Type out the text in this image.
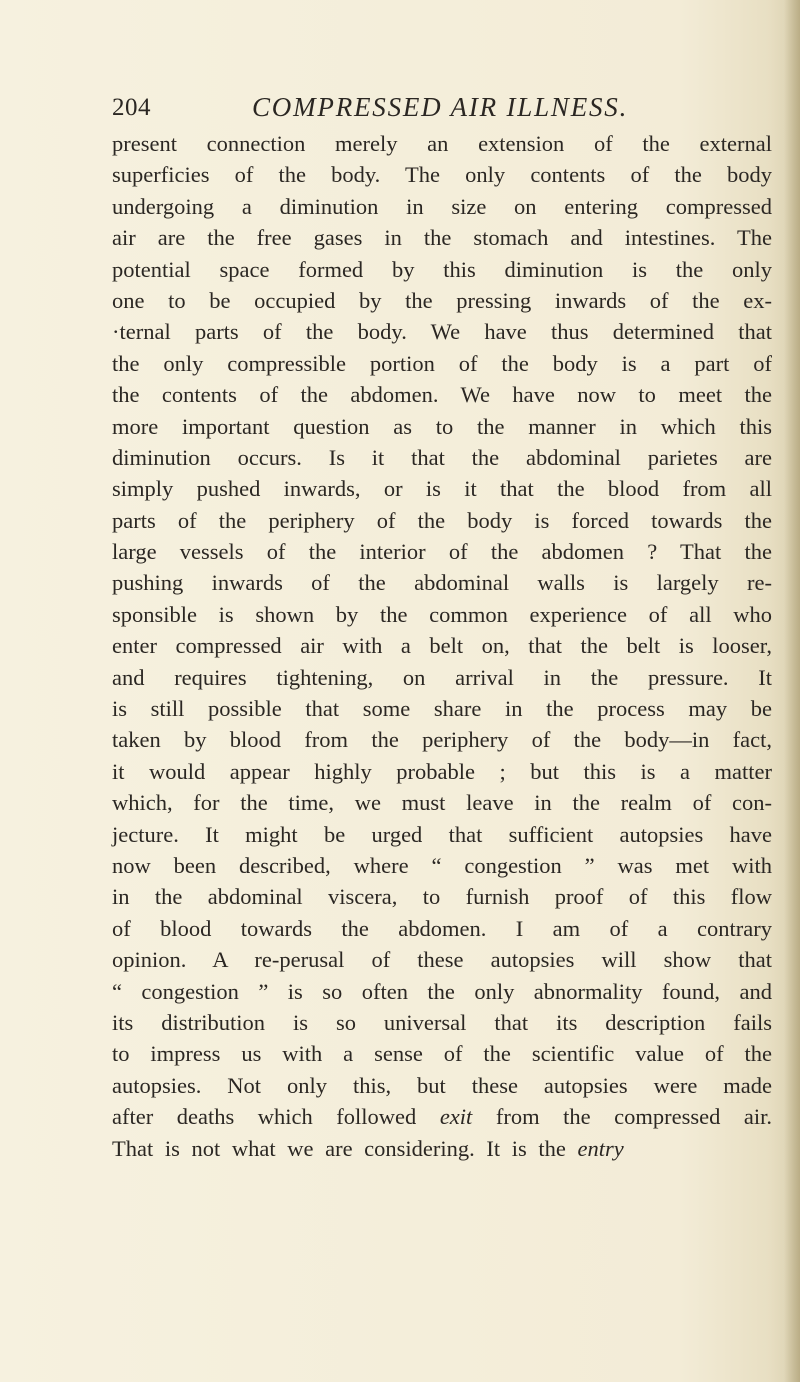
204	COMPRESSED AIR ILLNESS.
present connection merely an extension of the external
superficies of the body. The only contents of the body
undergoing a diminution in size on entering compressed
air are the free gases in the stomach and intestines. The
potential space formed by this diminution is the only
one to be occupied by the pressing inwards of the ex-
·ternal parts of the body. We have thus determined that
the only compressible portion of the body is a part of
the contents of the abdomen. We have now to meet the
more important question as to the manner in which this
diminution occurs. Is it that the abdominal parietes are
simply pushed inwards, or is it that the blood from all
parts of the periphery of the body is forced towards the
large vessels of the interior of the abdomen ? That the
pushing inwards of the abdominal walls is largely re-
sponsible is shown by the common experience of all who
enter compressed air with a belt on, that the belt is looser,
and requires tightening, on arrival in the pressure. It
is still possible that some share in the process may be
taken by blood from the periphery of the body—in fact,
it would appear highly probable ; but this is a matter
which, for the time, we must leave in the realm of con-
jecture. It might be urged that sufficient autopsies have
now been described, where “ congestion ” was met with
in the abdominal viscera, to furnish proof of this flow
of blood towards the abdomen. I am of a contrary
opinion. A re-perusal of these autopsies will show that
“ congestion ” is so often the only abnormality found, and
its distribution is so universal that its description fails
to impress us with a sense of the scientific value of the
autopsies. Not only this, but these autopsies were made
after deaths which followed exit from the compressed air.
That is not what we are considering. It is the entry
